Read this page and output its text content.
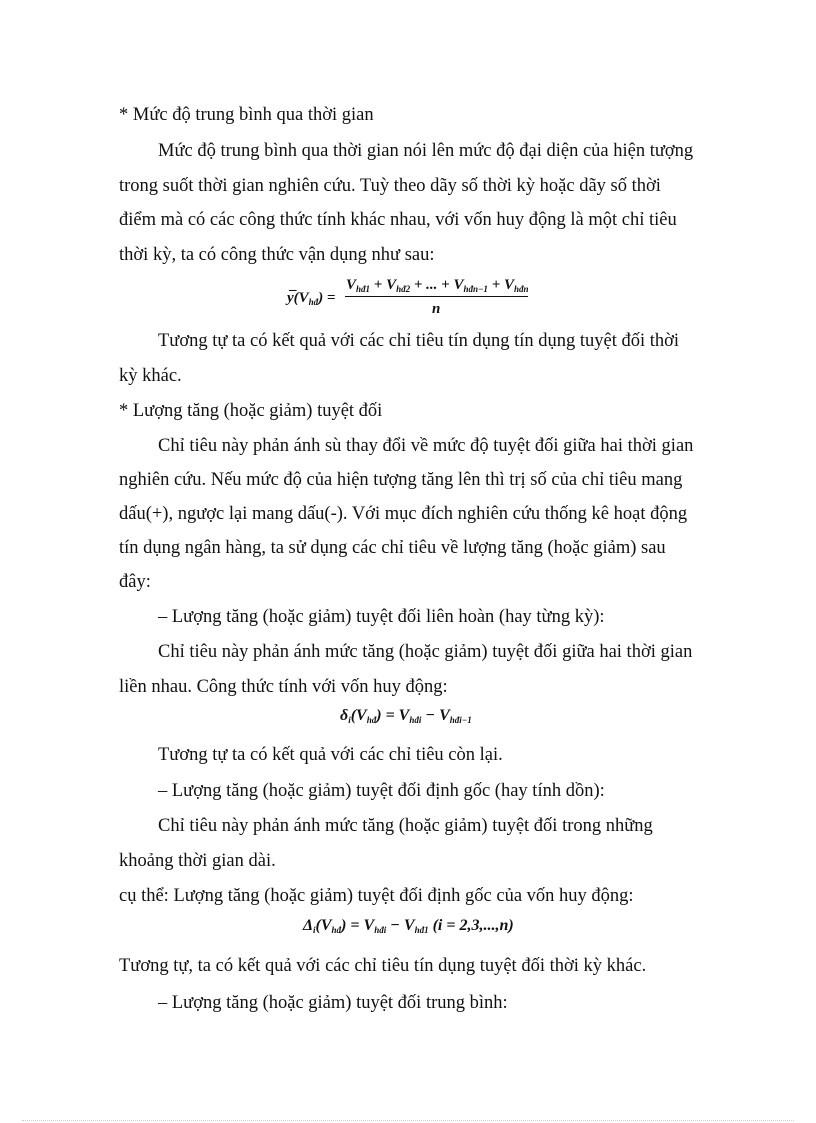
* Mức độ trung bình qua thời gian
Mức độ trung bình qua thời gian nói lên mức độ đại diện của hiện tượng
trong suốt thời gian nghiên cứu. Tuỳ theo dãy số thời kỳ hoặc dãy số thời
điểm mà có các công thức tính khác nhau, với vốn huy động là một chỉ tiêu
thời kỳ, ta có công thức vận dụng như sau:
_
$y(V_{hđ})$ =
$V_{hđ1} + V_{hđ2}$ + ... + $V_{hđn-1} + V_{hđn}$
n
Tương tự ta có kết quả với các chỉ tiêu tín dụng tín dụng tuyệt đối thời
kỳ khác.
* Lượng tăng (hoặc giảm) tuyệt đối
Chỉ tiêu này phản ánh sù thay đổi về mức độ tuyệt đối giữa hai thời gian
nghiên cứu. Nếu mức độ của hiện tượng tăng lên thì trị số của chỉ tiêu mang
dấu(+), ngược lại mang dấu(-). Với mục đích nghiên cứu thống kê hoạt động
tín dụng ngân hàng, ta sử dụng các chỉ tiêu về lượng tăng (hoặc giảm) sau
đây:
– Lượng tăng (hoặc giảm) tuyệt đối liên hoàn (hay từng kỳ):
Chỉ tiêu này phản ánh mức tăng (hoặc giảm) tuyệt đối giữa hai thời gian
liền nhau. Công thức tính với vốn huy động:
$\delta_i(V_{hđ}) = V_{hđi} - V_{hđi-1}$
Tương tự ta có kết quả với các chỉ tiêu còn lại.
– Lượng tăng (hoặc giảm) tuyệt đối định gốc (hay tính dồn):
Chỉ tiêu này phản ánh mức tăng (hoặc giảm) tuyệt đối trong những
khoảng thời gian dài.
cụ thể: Lượng tăng (hoặc giảm) tuyệt đối định gốc của vốn huy động:
$\Delta_i(V_{hđ}) = V_{hđi} - V_{hđ1}$ (i = 2,3,...,n)
Tương tự, ta có kết quả với các chỉ tiêu tín dụng tuyệt đối thời kỳ khác.
– Lượng tăng (hoặc giảm) tuyệt đối trung bình:
